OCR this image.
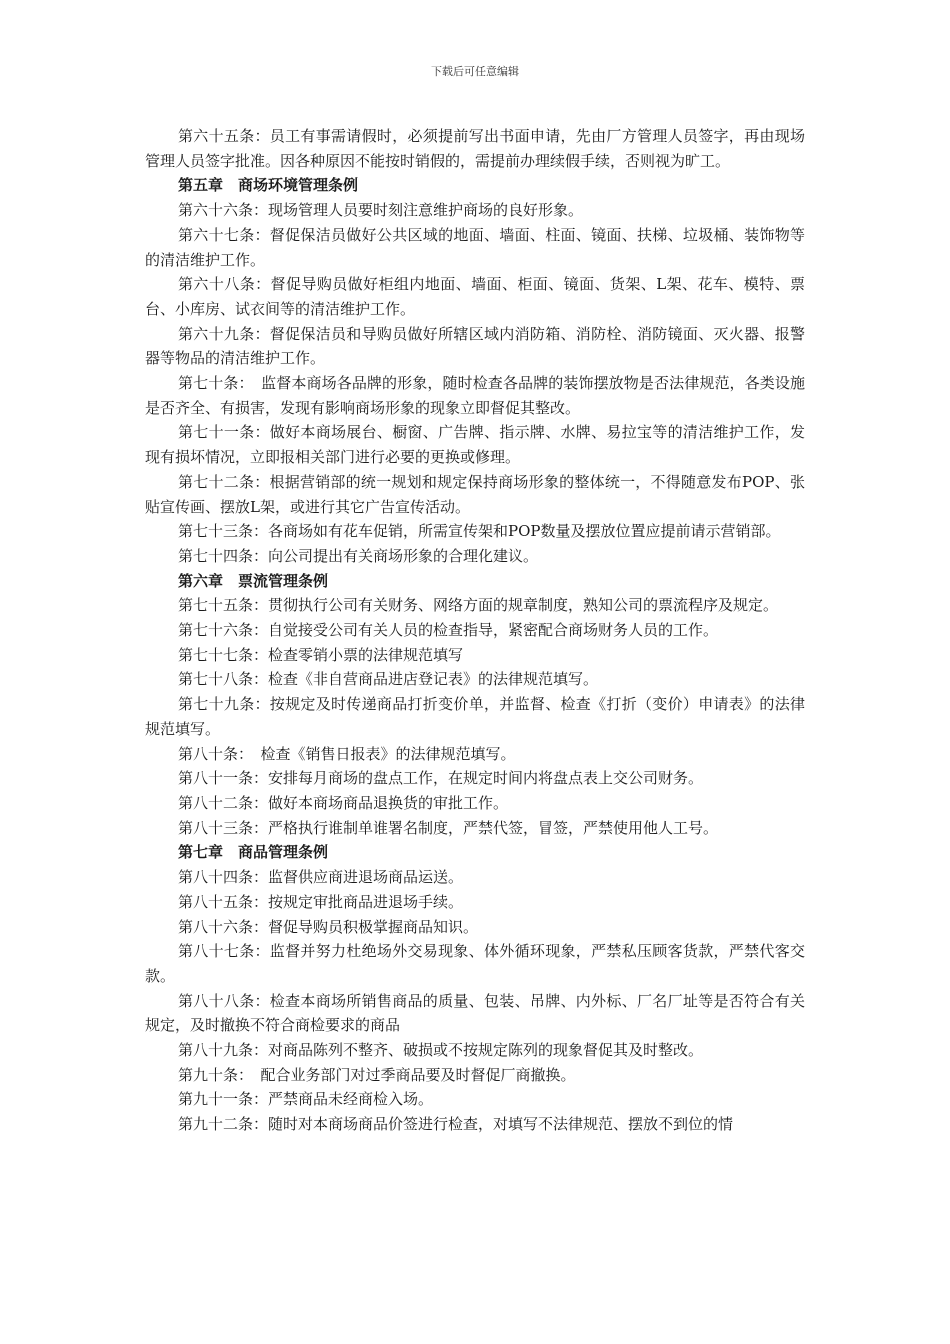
下载后可任意编辑

第六十五条：员工有事需请假时，必须提前写出书面申请，先由厂方管理人员签字，再由现场管理人员签字批准。因各种原因不能按时销假的，需提前办理续假手续，否则视为旷工。

第五章　商场环境管理条例

第六十六条：现场管理人员要时刻注意维护商场的良好形象。

第六十七条：督促保洁员做好公共区域的地面、墙面、柱面、镜面、扶梯、垃圾桶、装饰物等的清洁维护工作。

第六十八条：督促导购员做好柜组内地面、墙面、柜面、镜面、货架、L架、花车、模特、票台、小库房、试衣间等的清洁维护工作。

第六十九条：督促保洁员和导购员做好所辖区域内消防箱、消防栓、消防镜面、灭火器、报警器等物品的清洁维护工作。

第七十条：　监督本商场各品牌的形象，随时检查各品牌的装饰摆放物是否法律规范，各类设施是否齐全、有损害，发现有影响商场形象的现象立即督促其整改。

第七十一条：做好本商场展台、橱窗、广告牌、指示牌、水牌、易拉宝等的清洁维护工作，发现有损坏情况，立即报相关部门进行必要的更换或修理。

第七十二条：根据营销部的统一规划和规定保持商场形象的整体统一，不得随意发布POP、张贴宣传画、摆放L架，或进行其它广告宣传活动。

第七十三条：各商场如有花车促销，所需宣传架和POP数量及摆放位置应提前请示营销部。

第七十四条：向公司提出有关商场形象的合理化建议。

第六章　票流管理条例

第七十五条：贯彻执行公司有关财务、网络方面的规章制度，熟知公司的票流程序及规定。

第七十六条：自觉接受公司有关人员的检查指导，紧密配合商场财务人员的工作。

第七十七条：检查零销小票的法律规范填写

第七十八条：检查《非自营商品进店登记表》的法律规范填写。

第七十九条：按规定及时传递商品打折变价单，并监督、检查《打折（变价）申请表》的法律规范填写。

第八十条：　检查《销售日报表》的法律规范填写。

第八十一条：安排每月商场的盘点工作，在规定时间内将盘点表上交公司财务。

第八十二条：做好本商场商品退换货的审批工作。

第八十三条：严格执行谁制单谁署名制度，严禁代签，冒签，严禁使用他人工号。

第七章　商品管理条例

第八十四条：监督供应商进退场商品运送。

第八十五条：按规定审批商品进退场手续。

第八十六条：督促导购员积极掌握商品知识。

第八十七条：监督并努力杜绝场外交易现象、体外循环现象，严禁私压顾客货款，严禁代客交款。

第八十八条：检查本商场所销售商品的质量、包装、吊牌、内外标、厂名厂址等是否符合有关规定，及时撤换不符合商检要求的商品

第八十九条：对商品陈列不整齐、破损或不按规定陈列的现象督促其及时整改。

第九十条：　配合业务部门对过季商品要及时督促厂商撤换。

第九十一条：严禁商品未经商检入场。

第九十二条：随时对本商场商品价签进行检查，对填写不法律规范、摆放不到位的情
